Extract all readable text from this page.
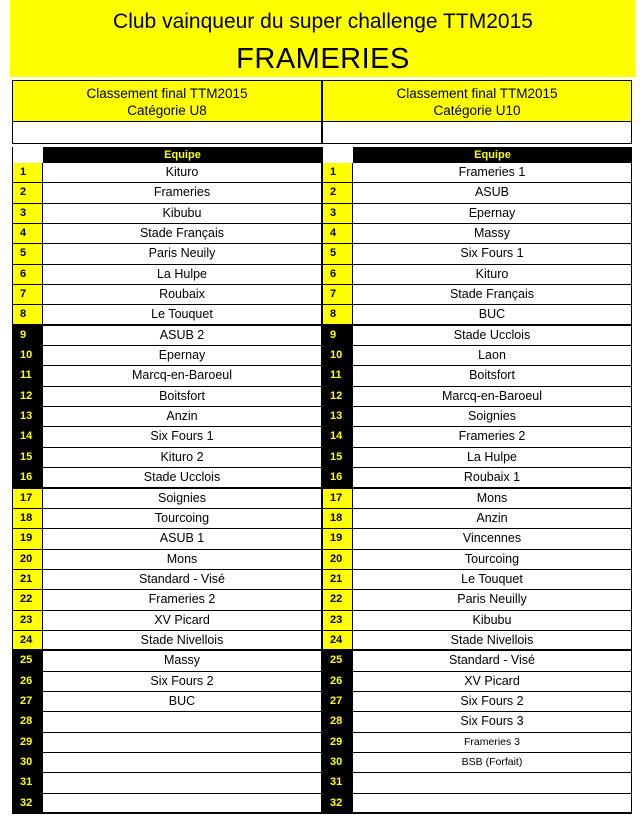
Club vainqueur du super challenge TTM2015
FRAMERIES
Classement final TTM2015
Catégorie U8
Equipe
1	Kituro
2	Frameries
3	Kibubu
4	Stade Français
5	Paris Neuily
6	La Hulpe
7	Roubaix
8	Le Touquet
9	ASUB 2
10	Epernay
11	Marcq-en-Baroeul
12	Boitsfort
13	Anzin
14	Six Fours 1
15	Kituro 2
16	Stade Ucclois
17	Soignies
18	Tourcoing
19	ASUB 1
20	Mons
21	Standard - Visé
22	Frameries 2
23	XV Picard
24	Stade Nivellois
25	Massy
26	Six Fours 2
27	BUC
28
29
30
31
32
Classement final TTM2015
Catégorie U10
Equipe
1	Frameries 1
2	ASUB
3	Epernay
4	Massy
5	Six Fours 1
6	Kituro
7	Stade Français
8	BUC
9	Stade Ucclois
10	Laon
11	Boitsfort
12	Marcq-en-Baroeul
13	Soignies
14	Frameries 2
15	La Hulpe
16	Roubaix 1
17	Mons
18	Anzin
19	Vincennes
20	Tourcoing
21	Le Touquet
22	Paris Neuilly
23	Kibubu
24	Stade Nivellois
25	Standard - Visé
26	XV Picard
27	Six Fours 2
28	Six Fours 3
29	Frameries 3
30	BSB (Forfait)
31
32
